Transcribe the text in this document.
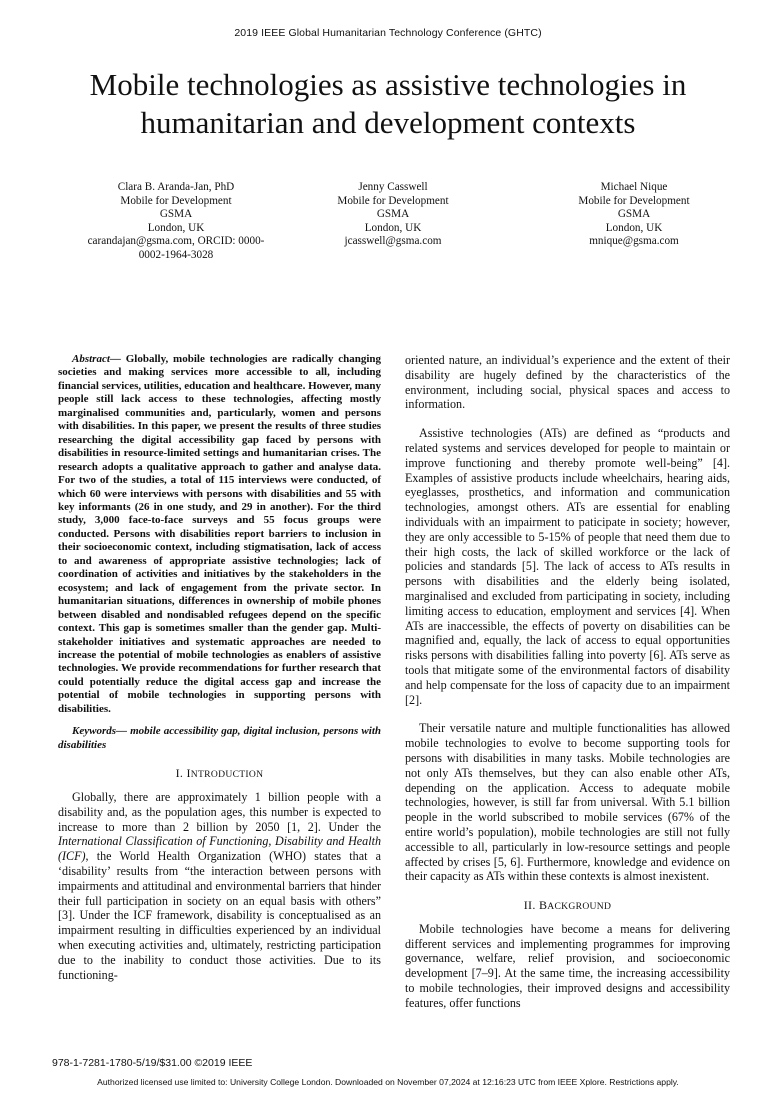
2019 IEEE Global Humanitarian Technology Conference (GHTC)
Mobile technologies as assistive technologies in
humanitarian and development contexts
Clara B. Aranda-Jan, PhD
Mobile for Development
GSMA
London, UK
carandajan@gsma.com, ORCID: 0000-0002-1964-3028
Jenny Casswell
Mobile for Development
GSMA
London, UK
jcasswell@gsma.com
Michael Nique
Mobile for Development
GSMA
London, UK
mnique@gsma.com

Abstract— Globally, mobile technologies are radically changing societies and making services more accessible to all, including financial services, utilities, education and healthcare. However, many people still lack access to these technologies, affecting mostly marginalised communities and, particularly, women and persons with disabilities. In this paper, we present the results of three studies researching the digital accessibility gap faced by persons with disabilities in resource-limited settings and humanitarian crises. The research adopts a qualitative approach to gather and analyse data. For two of the studies, a total of 115 interviews were conducted, of which 60 were interviews with persons with disabilities and 55 with key informants (26 in one study, and 29 in another). For the third study, 3,000 face-to-face surveys and 55 focus groups were conducted. Persons with disabilities report barriers to inclusion in their socioeconomic context, including stigmatisation, lack of access to and awareness of appropriate assistive technologies; lack of coordination of activities and initiatives by the stakeholders in the ecosystem; and lack of engagement from the private sector. In humanitarian situations, differences in ownership of mobile phones between disabled and nondisabled refugees depend on the specific context. This gap is sometimes smaller than the gender gap. Multi-stakeholder initiatives and systematic approaches are needed to increase the potential of mobile technologies as enablers of assistive technologies. We provide recommendations for further research that could potentially reduce the digital access gap and increase the potential of mobile technologies in supporting persons with disabilities.

Keywords— mobile accessibility gap, digital inclusion, persons with disabilities

I. INTRODUCTION

Globally, there are approximately 1 billion people with a disability and, as the population ages, this number is expected to increase to more than 2 billion by 2050 [1, 2]. Under the International Classification of Functioning, Disability and Health (ICF), the World Health Organization (WHO) states that a ‘disability’ results from “the interaction between persons with impairments and attitudinal and environmental barriers that hinder their full participation in society on an equal basis with others” [3]. Under the ICF framework, disability is conceptualised as an impairment resulting in difficulties experienced by an individual when executing activities and, ultimately, restricting participation due to the inability to conduct those activities. Due to its functioning-

oriented nature, an individual’s experience and the extent of their disability are hugely defined by the characteristics of the environment, including social, physical spaces and access to information.

Assistive technologies (ATs) are defined as “products and related systems and services developed for people to maintain or improve functioning and thereby promote well-being” [4]. Examples of assistive products include wheelchairs, hearing aids, eyeglasses, prosthetics, and information and communication technologies, amongst others. ATs are essential for enabling individuals with an impairment to paticipate in society; however, they are only accessible to 5-15% of people that need them due to their high costs, the lack of skilled workforce or the lack of policies and standards [5]. The lack of access to ATs results in persons with disabilities and the elderly being isolated, marginalised and excluded from participating in society, including limiting access to education, employment and services [4]. When ATs are inaccessible, the effects of poverty on disabilities can be magnified and, equally, the lack of access to equal opportunities risks persons with disabilities falling into poverty [6]. ATs serve as tools that mitigate some of the environmental factors of disability and help compensate for the loss of capacity due to an impairment [2].

Their versatile nature and multiple functionalities has allowed mobile technologies to evolve to become supporting tools for persons with disabilities in many tasks. Mobile technologies are not only ATs themselves, but they can also enable other ATs, depending on the application. Access to adequate mobile technologies, however, is still far from universal. With 5.1 billion people in the world subscribed to mobile services (67% of the entire world’s population), mobile technologies are still not fully accessible to all, particularly in low-resource settings and people affected by crises [5, 6]. Furthermore, knowledge and evidence on their capacity as ATs within these contexts is almost inexistent.

II. BACKGROUND

Mobile technologies have become a means for delivering different services and implementing programmes for improving governance, welfare, relief provision, and socioeconomic development [7–9]. At the same time, the increasing accessibility to mobile technologies, their improved designs and accessibility features, offer functions

978-1-7281-1780-5/19/$31.00 ©2019 IEEE
Authorized licensed use limited to: University College London. Downloaded on November 07,2024 at 12:16:23 UTC from IEEE Xplore. Restrictions apply.
